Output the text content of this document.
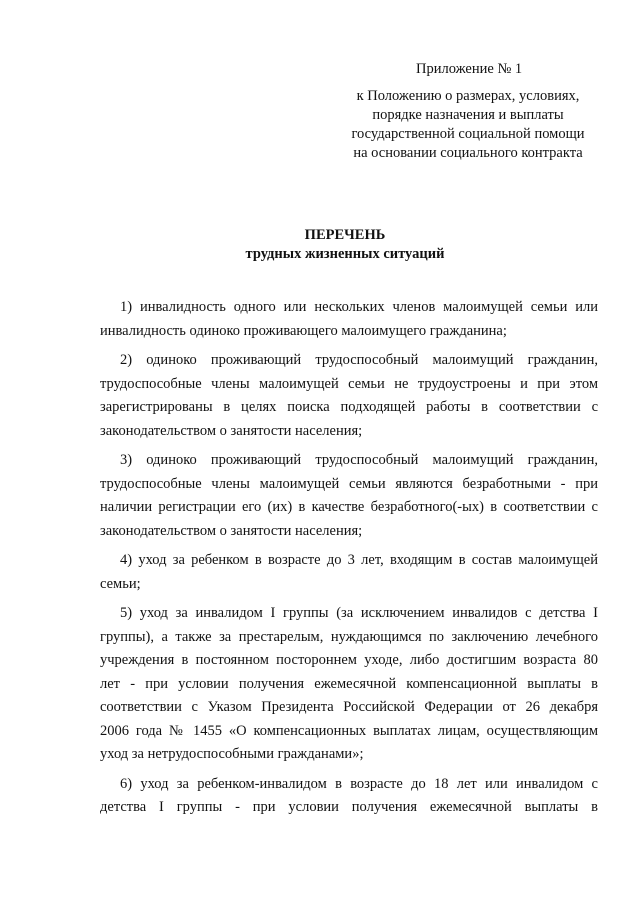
Приложение № 1
к Положению о размерах, условиях,
порядке назначения и выплаты
государственной социальной помощи
на основании социального контракта
ПЕРЕЧЕНЬ
трудных жизненных ситуаций
1) инвалидность одного или нескольких членов малоимущей семьи или
инвалидность одиноко проживающего малоимущего гражданина;
2) одиноко проживающий трудоспособный малоимущий гражданин,
трудоспособные члены малоимущей семьи не трудоустроены и при этом
зарегистрированы в целях поиска подходящей работы в соответствии с
законодательством о занятости населения;
3) одиноко проживающий трудоспособный малоимущий гражданин,
трудоспособные члены малоимущей семьи являются безработными - при
наличии регистрации его (их) в качестве безработного(-ых) в соответствии с
законодательством о занятости населения;
4) уход за ребенком в возрасте до 3 лет, входящим в состав малоимущей
семьи;
5) уход за инвалидом I группы (за исключением инвалидов с детства I
группы), а также за престарелым, нуждающимся по заключению лечебного
учреждения в постоянном постороннем уходе, либо достигшим возраста 80
лет - при условии получения ежемесячной компенсационной выплаты в
соответствии с Указом Президента Российской Федерации от 26 декабря
2006 года № 1455 «О компенсационных выплатах лицам, осуществляющим
уход за нетрудоспособными гражданами»;
6) уход за ребенком-инвалидом в возрасте до 18 лет или инвалидом с
детства I группы - при условии получения ежемесячной выплаты в
